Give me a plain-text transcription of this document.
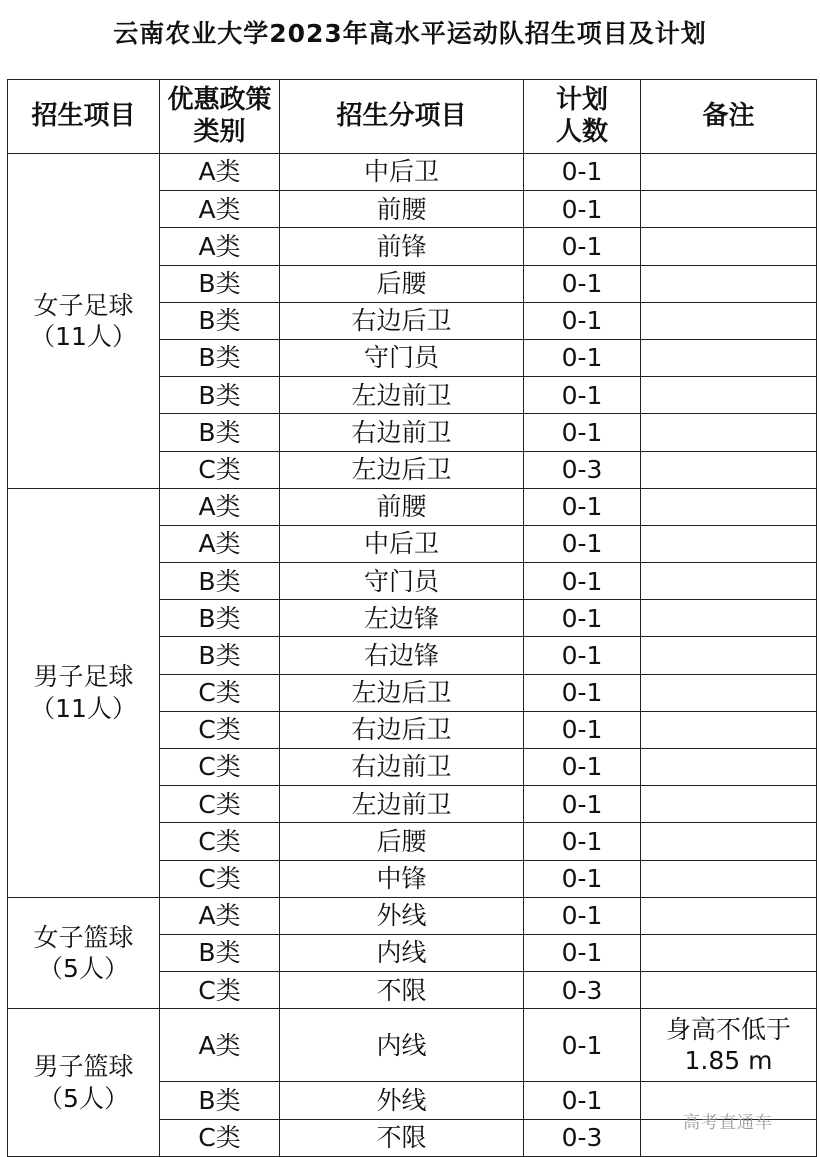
云南农业大学2023年高水平运动队招生项目及计划
招生项目	优惠政策类别	招生分项目	计划人数	备注

女子足球
（11人）	A类	中后卫	0-1	
	A类	前腰	0-1	
	A类	前锋	0-1	
	B类	后腰	0-1	
	B类	右边后卫	0-1	
	B类	守门员	0-1	
	B类	左边前卫	0-1	
	B类	右边前卫	0-1	
	C类	左边后卫	0-3	

男子足球
（11人）	A类	前腰	0-1	
	A类	中后卫	0-1	
	B类	守门员	0-1	
	B类	左边锋	0-1	
	B类	右边锋	0-1	
	C类	左边后卫	0-1	
	C类	右边后卫	0-1	
	C类	右边前卫	0-1	
	C类	左边前卫	0-1	
	C类	后腰	0-1	
	C类	中锋	0-1	

女子篮球
（5人）	A类	外线	0-1	
	B类	内线	0-1	
	C类	不限	0-3	

男子篮球
（5人）	A类	内线	0-1	身高不低于1.85 m
	B类	外线	0-1	
	C类	不限	0-3		高考直通车
